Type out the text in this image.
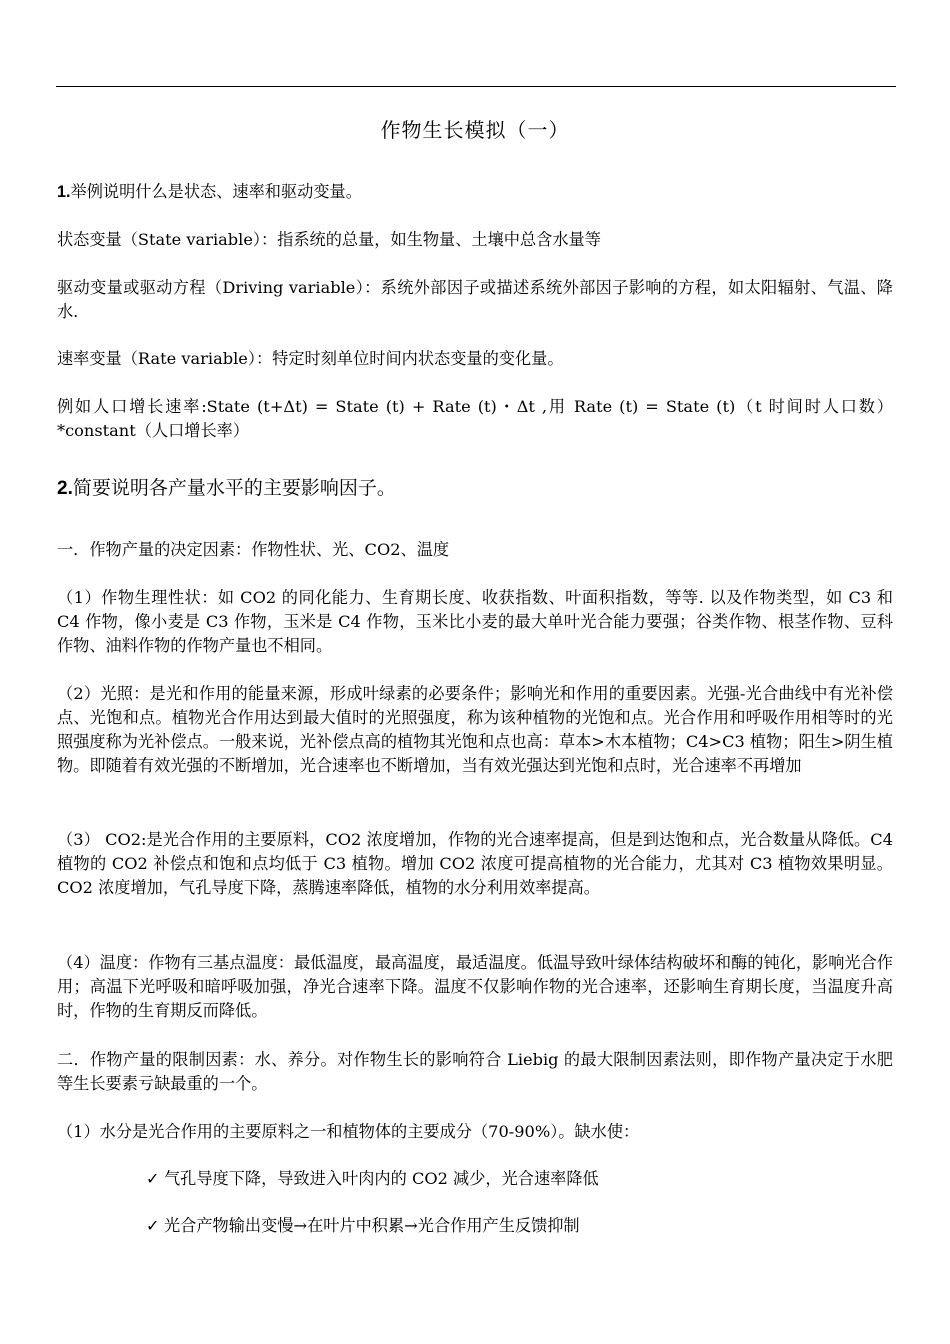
作物生长模拟（一）
1.举例说明什么是状态、速率和驱动变量。
状态变量（State variable）：指系统的总量，如生物量、土壤中总含水量等
驱动变量或驱动方程（Driving variable）：系统外部因子或描述系统外部因子影响的方程，如太阳辐射、气温、降水.
速率变量（Rate variable）：特定时刻单位时间内状态变量的变化量。
例如人口增长速率:State (t+Δt) = State (t) + Rate (t)・Δt ,用 Rate (t) = State (t)（t 时间时人口数）*constant（人口增长率）
2.简要说明各产量水平的主要影响因子。
一．作物产量的决定因素：作物性状、光、CO2、温度
（1）作物生理性状：如 CO2 的同化能力、生育期长度、收获指数、叶面积指数，等等. 以及作物类型，如 C3 和 C4 作物，像小麦是 C3 作物，玉米是 C4 作物，玉米比小麦的最大单叶光合能力要强；谷类作物、根茎作物、豆科作物、油料作物的作物产量也不相同。
（2）光照：是光和作用的能量来源，形成叶绿素的必要条件；影响光和作用的重要因素。光强-光合曲线中有光补偿点、光饱和点。植物光合作用达到最大值时的光照强度，称为该种植物的光饱和点。光合作用和呼吸作用相等时的光照强度称为光补偿点。一般来说，光补偿点高的植物其光饱和点也高：草本>木本植物；C4>C3 植物；阳生>阴生植物。即随着有效光强的不断增加，光合速率也不断增加，当有效光强达到光饱和点时，光合速率不再增加
（3） CO2:是光合作用的主要原料，CO2 浓度增加，作物的光合速率提高，但是到达饱和点，光合数量从降低。C4 植物的 CO2 补偿点和饱和点均低于 C3 植物。增加 CO2 浓度可提高植物的光合能力，尤其对 C3 植物效果明显。CO2 浓度增加，气孔导度下降，蒸腾速率降低，植物的水分利用效率提高。
（4）温度：作物有三基点温度：最低温度，最高温度，最适温度。低温导致叶绿体结构破坏和酶的钝化，影响光合作用；高温下光呼吸和暗呼吸加强，净光合速率下降。温度不仅影响作物的光合速率，还影响生育期长度，当温度升高时，作物的生育期反而降低。
二．作物产量的限制因素：水、养分。对作物生长的影响符合 Liebig 的最大限制因素法则，即作物产量决定于水肥等生长要素亏缺最重的一个。
（1）水分是光合作用的主要原料之一和植物体的主要成分（70-90%）。缺水使：
✓ 气孔导度下降，导致进入叶肉内的 CO2 减少，光合速率降低
✓ 光合产物输出变慢→在叶片中积累→光合作用产生反馈抑制
